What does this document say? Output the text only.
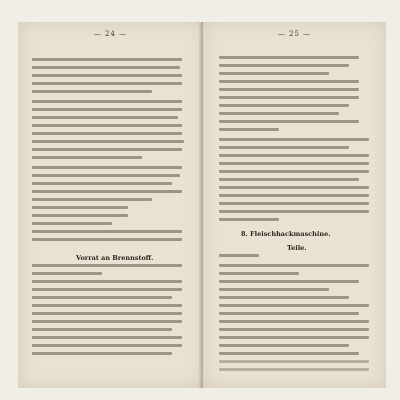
— 24 —
Vorrat an Brennstoff.
— 25 —
8. Fleischhackmaschine.
Teile.
